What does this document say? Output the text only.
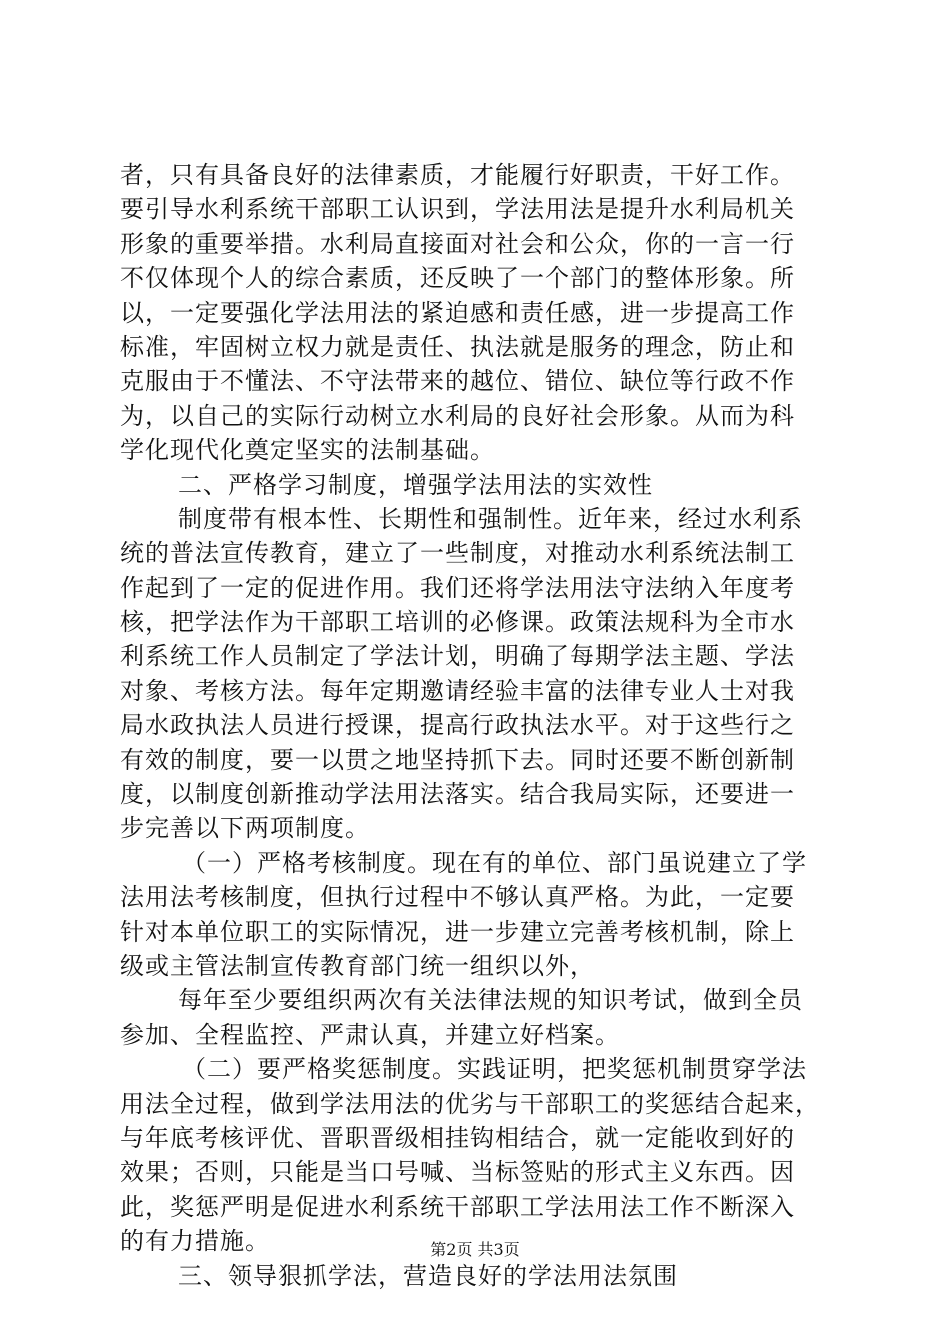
者，只有具备良好的法律素质，才能履行好职责，干好工作。
要引导水利系统干部职工认识到，学法用法是提升水利局机关
形象的重要举措。水利局直接面对社会和公众，你的一言一行
不仅体现个人的综合素质，还反映了一个部门的整体形象。所
以，一定要强化学法用法的紧迫感和责任感，进一步提高工作
标准，牢固树立权力就是责任、执法就是服务的理念，防止和
克服由于不懂法、不守法带来的越位、错位、缺位等行政不作
为，以自己的实际行动树立水利局的良好社会形象。从而为科
学化现代化奠定坚实的法制基础。
二、严格学习制度，增强学法用法的实效性
制度带有根本性、长期性和强制性。近年来，经过水利系
统的普法宣传教育，建立了一些制度，对推动水利系统法制工
作起到了一定的促进作用。我们还将学法用法守法纳入年度考
核，把学法作为干部职工培训的必修课。政策法规科为全市水
利系统工作人员制定了学法计划，明确了每期学法主题、学法
对象、考核方法。每年定期邀请经验丰富的法律专业人士对我
局水政执法人员进行授课，提高行政执法水平。对于这些行之
有效的制度，要一以贯之地坚持抓下去。同时还要不断创新制
度，以制度创新推动学法用法落实。结合我局实际，还要进一
步完善以下两项制度。
（一）严格考核制度。现在有的单位、部门虽说建立了学
法用法考核制度，但执行过程中不够认真严格。为此，一定要
针对本单位职工的实际情况，进一步建立完善考核机制，除上
级或主管法制宣传教育部门统一组织以外，
每年至少要组织两次有关法律法规的知识考试，做到全员
参加、全程监控、严肃认真，并建立好档案。
（二）要严格奖惩制度。实践证明，把奖惩机制贯穿学法
用法全过程，做到学法用法的优劣与干部职工的奖惩结合起来，
与年底考核评优、晋职晋级相挂钩相结合，就一定能收到好的
效果；否则，只能是当口号喊、当标签贴的形式主义东西。因
此，奖惩严明是促进水利系统干部职工学法用法工作不断深入
的有力措施。
三、领导狠抓学法，营造良好的学法用法氛围
第2页 共3页
